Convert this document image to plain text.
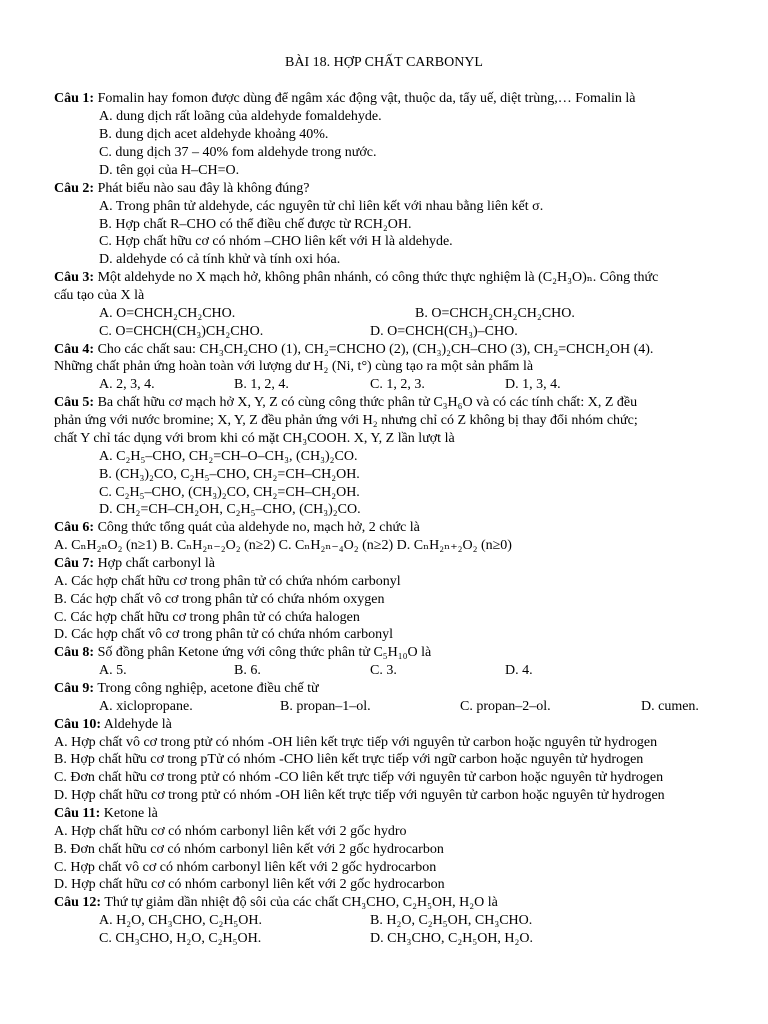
BÀI 18. HỢP CHẤT CARBONYL
Câu 1: Fomalin hay fomon được dùng để ngâm xác động vật, thuộc da, tẩy uế, diệt trùng,… Fomalin là
A. dung dịch rất loãng của aldehyde fomaldehyde.
B. dung dịch acet aldehyde khoảng 40%.
C. dung dịch 37 – 40% fom aldehyde trong nước.
D. tên gọi của H–CH=O.
Câu 2: Phát biểu nào sau đây là không đúng?
A. Trong phân tử aldehyde, các nguyên tử chỉ liên kết với nhau bằng liên kết σ.
B. Hợp chất R–CHO có thể điều chế được từ RCH₂OH.
C. Hợp chất hữu cơ có nhóm –CHO liên kết với H là aldehyde.
D. aldehyde có cả tính khử và tính oxi hóa.
Câu 3: Một aldehyde no X mạch hở, không phân nhánh, có công thức thực nghiệm là (C₂H₃O)ₙ. Công thức
cấu tạo của X là
A. O=CHCH₂CH₂CHO.	B. O=CHCH₂CH₂CH₂CHO.
C. O=CHCH(CH₃)CH₂CHO.	D. O=CHCH(CH₃)–CHO.
Câu 4: Cho các chất sau: CH₃CH₂CHO (1), CH₂=CHCHO (2), (CH₃)₂CH–CHO (3), CH₂=CHCH₂OH (4).
Những chất phản ứng hoàn toàn với lượng dư H₂ (Ni, t°) cùng tạo ra một sản phẩm là
A. 2, 3, 4.	B. 1, 2, 4.	C. 1, 2, 3.	D. 1, 3, 4.
Câu 5: Ba chất hữu cơ mạch hở X, Y, Z có cùng công thức phân tử C₃H₆O và có các tính chất: X, Z đều
phản ứng với nước bromine; X, Y, Z đều phản ứng với H₂ nhưng chỉ có Z không bị thay đổi nhóm chức;
chất Y chỉ tác dụng với brom khi có mặt CH₃COOH. X, Y, Z lần lượt là
A. C₂H₅–CHO, CH₂=CH–O–CH₃, (CH₃)₂CO.
B. (CH₃)₂CO, C₂H₅–CHO, CH₂=CH–CH₂OH.
C. C₂H₅–CHO, (CH₃)₂CO, CH₂=CH–CH₂OH.
D. CH₂=CH–CH₂OH, C₂H₅–CHO, (CH₃)₂CO.
Câu 6: Công thức tổng quát của aldehyde no, mạch hở, 2 chức là
A. CₙH₂ₙO₂ (n≥1) B. CₙH₂ₙ₋₂O₂ (n≥2) C. CₙH₂ₙ₋₄O₂ (n≥2) D. CₙH₂ₙ₊₂O₂ (n≥0)
Câu 7: Hợp chất carbonyl là
A. Các hợp chất hữu cơ trong phân tử có chứa nhóm carbonyl
B. Các hợp chất vô cơ trong phân tử có chứa nhóm oxygen
C. Các hợp chất hữu cơ trong phân tử có chứa halogen
D. Các hợp chất vô cơ trong phân tử có chứa nhóm carbonyl
Câu 8: Số đồng phân Ketone ứng với công thức phân tử C₅H₁₀O là
A. 5.	B. 6.	C. 3.	D. 4.
Câu 9: Trong công nghiệp, acetone điều chế từ
A. xiclopropane.	B. propan–1–ol.	C. propan–2–ol.	D. cumen.
Câu 10: Aldehyde là
A. Hợp chất vô cơ trong ptử có nhóm -OH liên kết trực tiếp với nguyên tử carbon hoặc nguyên tử hydrogen
B. Hợp chất hữu cơ trong pTử có nhóm -CHO liên kết trực tiếp với ngữ carbon hoặc nguyên tử hydrogen
C. Đơn chất hữu cơ trong ptử có nhóm -CO liên kết trực tiếp với nguyên tử carbon hoặc nguyên tử hydrogen
D. Hợp chất hữu cơ trong ptử có nhóm -OH liên kết trực tiếp với nguyên tử carbon hoặc nguyên tử hydrogen
Câu 11: Ketone là
A. Hợp chất hữu cơ có nhóm carbonyl liên kết với 2 gốc hydro
B. Đơn chất hữu cơ có nhóm carbonyl liên kết với 2 gốc hydrocarbon
C. Hợp chất vô cơ có nhóm carbonyl liên kết với 2 gốc hydrocarbon
D. Hợp chất hữu cơ có nhóm carbonyl liên kết với 2 gốc hydrocarbon
Câu 12: Thứ tự giảm dần nhiệt độ sôi của các chất CH₃CHO, C₂H₅OH, H₂O là
A. H₂O, CH₃CHO, C₂H₅OH.	B. H₂O, C₂H₅OH, CH₃CHO.
C. CH₃CHO, H₂O, C₂H₅OH.	D. CH₃CHO, C₂H₅OH, H₂O.
